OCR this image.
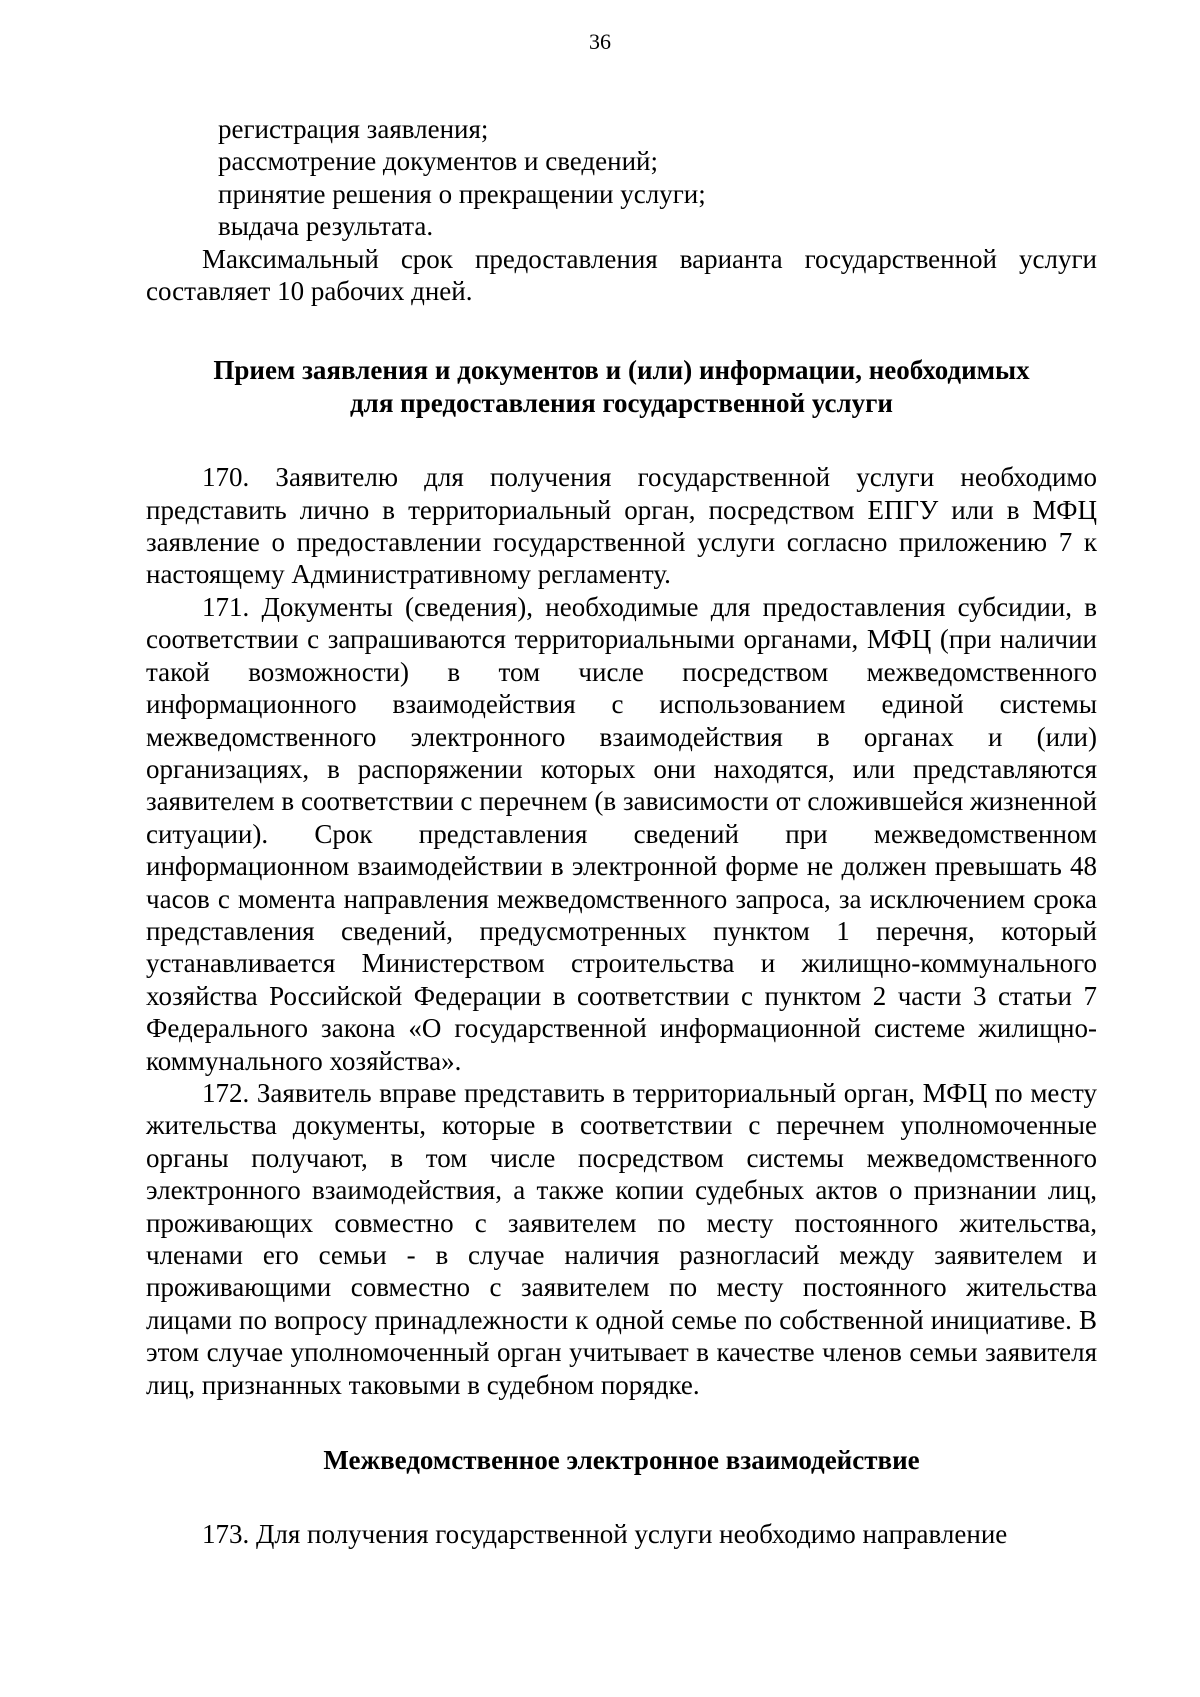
36

регистрация заявления;

рассмотрение документов и сведений;

принятие решения о прекращении услуги;

выдача результата.

Максимальный срок предоставления варианта государственной услуги составляет 10 рабочих дней.

Прием заявления и документов и (или) информации, необходимых

для предоставления государственной услуги

170. Заявителю для получения государственной услуги необходимо представить лично в территориальный орган, посредством ЕПГУ или в МФЦ заявление о предоставлении государственной услуги согласно приложению 7 к настоящему Административному регламенту.

171. Документы (сведения), необходимые для предоставления субсидии, в соответствии с запрашиваются территориальными органами, МФЦ (при наличии такой возможности) в том числе посредством межведомственного информационного взаимодействия с использованием единой системы межведомственного электронного взаимодействия в органах и (или) организациях, в распоряжении которых они находятся, или представляются заявителем в соответствии с перечнем (в зависимости от сложившейся жизненной ситуации). Срок представления сведений при межведомственном информационном взаимодействии в электронной форме не должен превышать 48 часов с момента направления межведомственного запроса, за исключением срока представления сведений, предусмотренных пунктом 1 перечня, который устанавливается Министерством строительства и жилищно-коммунального хозяйства Российской Федерации в соответствии с пунктом 2 части 3 статьи 7 Федерального закона «О государственной информационной системе жилищно-коммунального хозяйства».

172. Заявитель вправе представить в территориальный орган, МФЦ по месту жительства документы, которые в соответствии с перечнем уполномоченные органы получают, в том числе посредством системы межведомственного электронного взаимодействия, а также копии судебных актов о признании лиц, проживающих совместно с заявителем по месту постоянного жительства, членами его семьи - в случае наличия разногласий между заявителем и проживающими совместно с заявителем по месту постоянного жительства лицами по вопросу принадлежности к одной семье по собственной инициативе. В этом случае уполномоченный орган учитывает в качестве членов семьи заявителя лиц, признанных таковыми в судебном порядке.

Межведомственное электронное взаимодействие

173. Для получения государственной услуги необходимо направление
